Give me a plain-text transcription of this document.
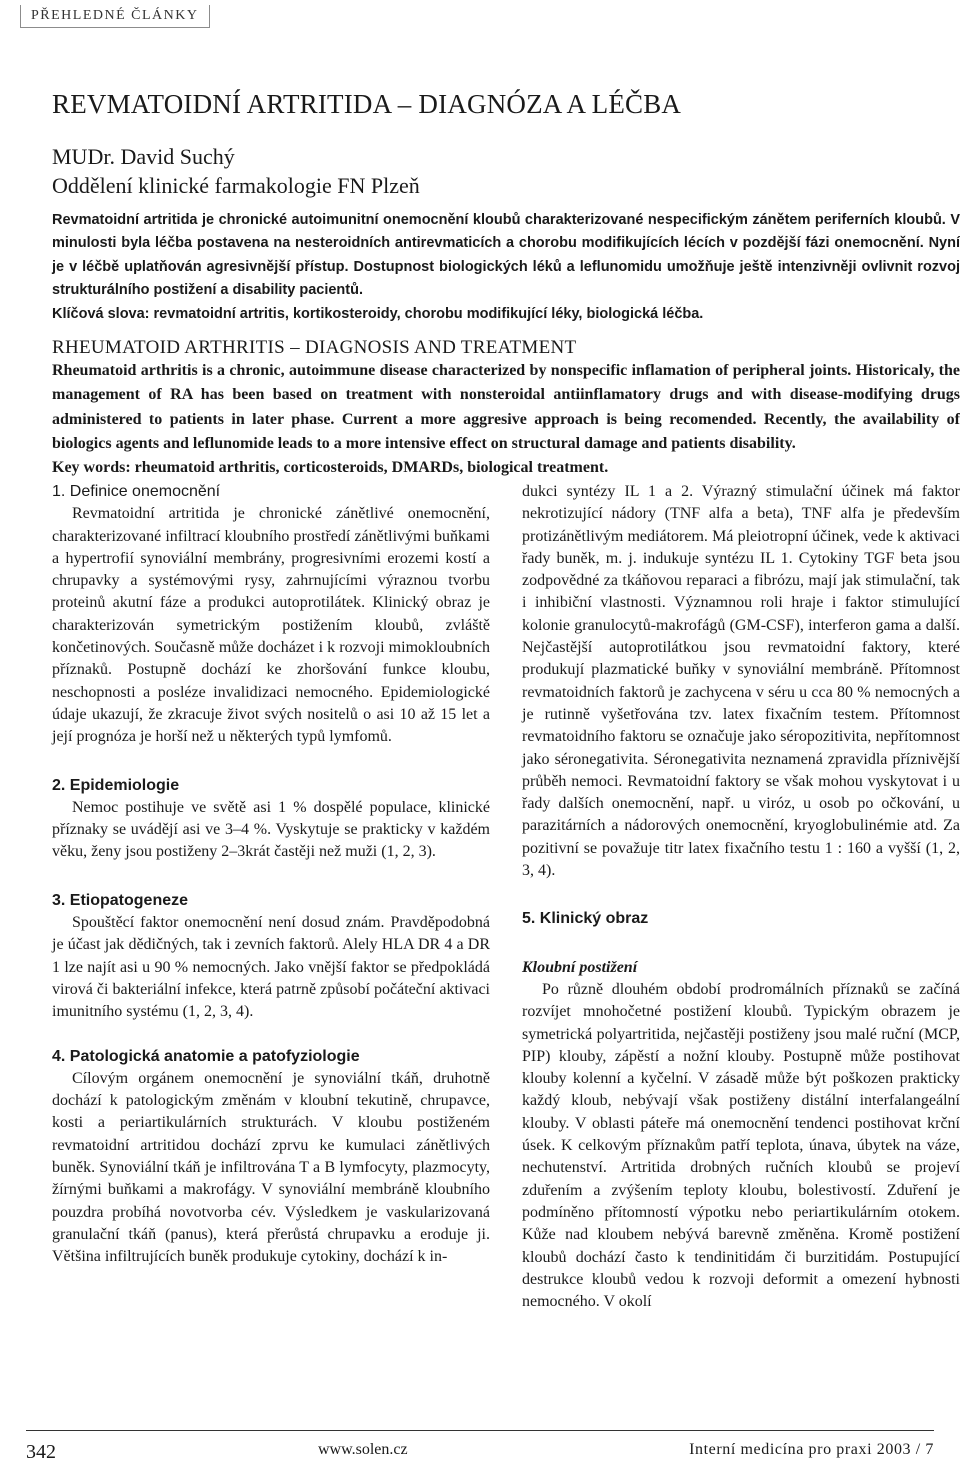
PŘEHLEDNÉ ČLÁNKY
REVMATOIDNÍ ARTRITIDA – DIAGNÓZA A LÉČBA
MUDr. David Suchý
Oddělení klinické farmakologie FN Plzeň

Revmatoidní artritida je chronické autoimunitní onemocnění kloubů charakterizované nespecifickým zánětem periferních kloubů. V minulosti byla léčba postavena na nesteroidních antirevmaticích a chorobu modifikujících lécích v pozdější fázi onemocnění. Nyní je v léčbě uplatňován agresivnější přístup. Dostupnost biologických léků a leflunomidu umožňuje ještě intenzivněji ovlivnit rozvoj strukturálního postižení a disability pacientů.

Klíčová slova: revmatoidní artritis, kortikosteroidy, chorobu modifikující léky, biologická léčba.

RHEUMATOID ARTHRITIS – DIAGNOSIS AND TREATMENT

Rheumatoid arthritis is a chronic, autoimmune disease characterized by nonspecific inflamation of peripheral joints. Historicaly, the management of RA has been based on treatment with nonsteroidal antiinflamatory drugs and with disease-modifying drugs administered to patients in later phase. Current a more aggresive approach is being recomended. Recently, the availability of biologics agents and leflunomide leads to a more intensive effect on structural damage and patients disability.

Key words: rheumatoid arthritis, corticosteroids, DMARDs, biological treatment.

1. Definice onemocnění

Revmatoidní artritida je chronické zánětlivé onemocnění, charakterizované infiltrací kloubního prostředí zánětlivými buňkami a hypertrofií synoviální membrány, progresivními erozemi kostí a chrupavky a systémovými rysy, zahrnujícími výraznou tvorbu proteinů akutní fáze a produkci autoprotilátek. Klinický obraz je charakterizován symetrickým postižením kloubů, zvláště končetinových. Současně může docházet i k rozvoji mimokloubních příznaků. Postupně dochází ke zhoršování funkce kloubu, neschopnosti a posléze invalidizaci nemocného. Epidemiologické údaje ukazují, že zkracuje život svých nositelů o asi 10 až 15 let a její prognóza je horší než u některých typů lymfomů.

2. Epidemiologie

Nemoc postihuje ve světě asi 1 % dospělé populace, klinické příznaky se uvádějí asi ve 3–4 %. Vyskytuje se prakticky v každém věku, ženy jsou postiženy 2–3krát častěji než muži (1, 2, 3).

3. Etiopatogeneze

Spouštěcí faktor onemocnění není dosud znám. Pravděpodobná je účast jak dědičných, tak i zevních faktorů. Alely HLA DR 4 a DR 1 lze najít asi u 90 % nemocných. Jako vnější faktor se předpokládá virová či bakteriální infekce, která patrně způsobí počáteční aktivaci imunitního systému (1, 2, 3, 4).

4. Patologická anatomie a patofyziologie

Cílovým orgánem onemocnění je synoviální tkáň, druhotně dochází k patologickým změnám v kloubní tekutině, chrupavce, kosti a periartikulárních strukturách. V kloubu postiženém revmatoidní artritidou dochází zprvu ke kumulaci zánětlivých buněk. Synoviální tkáň je infiltrována T a B lymfocyty, plazmocyty, žírnými buňkami a makrofágy. V synoviální membráně kloubního pouzdra probíhá novotvorba cév. Výsledkem je vaskularizovaná granulační tkáň (panus), která přerůstá chrupavku a eroduje ji. Většina infiltrujících buněk produkuje cytokiny, dochází k in-

dukci syntézy IL 1 a 2. Výrazný stimulační účinek má faktor nekrotizující nádory (TNF alfa a beta), TNF alfa je především protizánětlivým mediátorem. Má pleiotropní účinek, vede k aktivaci řady buněk, m. j. indukuje syntézu IL 1. Cytokiny TGF beta jsou zodpovědné za tkáňovou reparaci a fibrózu, mají jak stimulační, tak i inhibiční vlastnosti. Významnou roli hraje i faktor stimulující kolonie granulocytů-makrofágů (GM-CSF), interferon gama a další. Nejčastější autoprotilátkou jsou revmatoidní faktory, které produkují plazmatické buňky v synoviální membráně. Přítomnost revmatoidních faktorů je zachycena v séru u cca 80 % nemocných a je rutinně vyšetřována tzv. latex fixačním testem. Přítomnost revmatoidního faktoru se označuje jako séropozitivita, nepřítomnost jako séronegativita. Séronegativita neznamená zpravidla příznivější průběh nemoci. Revmatoidní faktory se však mohou vyskytovat i u řady dalších onemocnění, např. u viróz, u osob po očkování, u parazitárních a nádorových onemocnění, kryoglobulinémie atd. Za pozitivní se považuje titr latex fixačního testu 1 : 160 a vyšší (1, 2, 3, 4).

5. Klinický obraz
Kloubní postižení

Po různě dlouhém období prodromálních příznaků se začíná rozvíjet mnohočetné postižení kloubů. Typickým obrazem je symetrická polyartritida, nejčastěji postiženy jsou malé ruční (MCP, PIP) klouby, zápěstí a nožní klouby. Postupně může postihovat klouby kolenní a kyčelní. V zásadě může být poškozen prakticky každý kloub, nebývají však postiženy distální interfalangeální klouby. V oblasti páteře má onemocnění tendenci postihovat krční úsek. K celkovým příznakům patří teplota, únava, úbytek na váze, nechutenství. Artritida drobných ručních kloubů se projeví zduřením a zvýšením teploty kloubu, bolestivostí. Zduření je podmíněno přítomností výpotku nebo periartikulárním otokem. Kůže nad kloubem nebývá barevně změněna. Kromě postižení kloubů dochází často k tendinitidám či burzitidám. Postupující destrukce kloubů vedou k rozvoji deformit a omezení hybnosti nemocného. V okolí

342	www.solen.cz	Interní medicína pro praxi 2003 / 7
